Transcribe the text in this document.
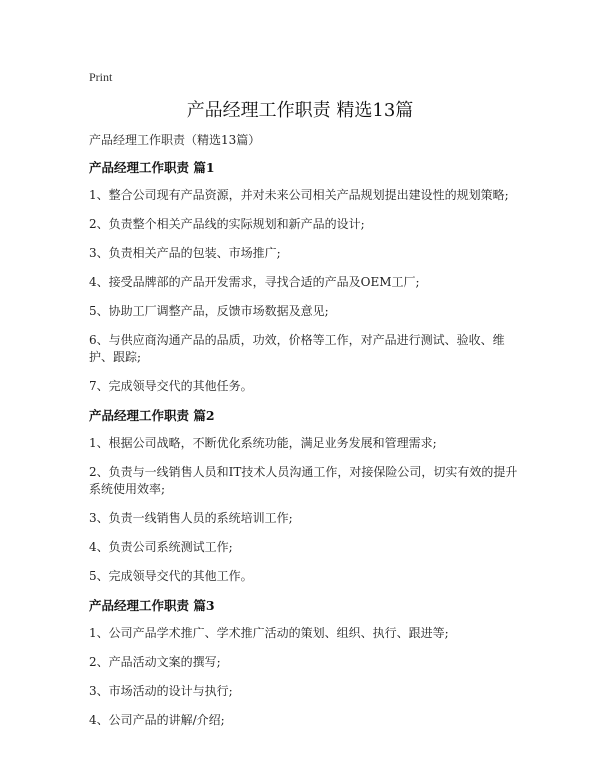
Print
产品经理工作职责 精选13篇

产品经理工作职责（精选13篇）

产品经理工作职责 篇1

1、整合公司现有产品资源，并对未来公司相关产品规划提出建设性的规划策略;

2、负责整个相关产品线的实际规划和新产品的设计;

3、负责相关产品的包装、市场推广;

4、接受品牌部的产品开发需求，寻找合适的产品及OEM工厂;

5、协助工厂调整产品，反馈市场数据及意见;

6、与供应商沟通产品的品质，功效，价格等工作，对产品进行测试、验收、维护、跟踪;

7、完成领导交代的其他任务。

产品经理工作职责 篇2

1、根据公司战略，不断优化系统功能，满足业务发展和管理需求;

2、负责与一线销售人员和IT技术人员沟通工作，对接保险公司，切实有效的提升系统使用效率;

3、负责一线销售人员的系统培训工作;

4、负责公司系统测试工作;

5、完成领导交代的其他工作。

产品经理工作职责 篇3

1、公司产品学术推广、学术推广活动的策划、组织、执行、跟进等;

2、产品活动文案的撰写;

3、市场活动的设计与执行;

4、公司产品的讲解/介绍;
